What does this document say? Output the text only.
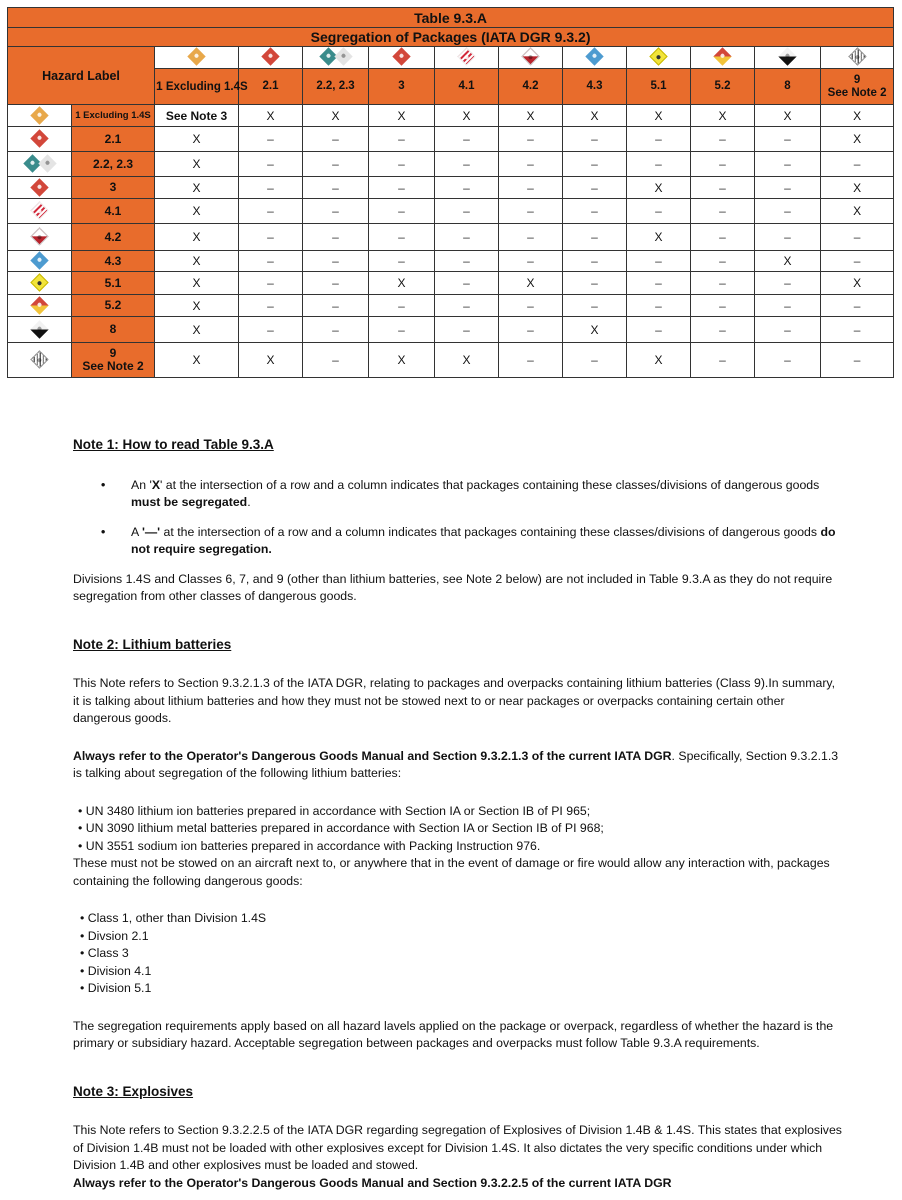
Table 9.3.A												
Segregation of Packages (IATA DGR 9.3.2)												
Hazard Label		

		1 Excluding 1.4S	2.1	2.2, 2.3	3	4.1	4.2	4.3	5.1	5.2	8	9
See Note 2

	1 Excluding 1.4S	See Note 3	X	X	X	X	X	X	X	X	X	X

	2.1	X	–	–	–	–	–	–	–	–	–	X

	2.2, 2.3	X	–	–	–	–	–	–	–	–	–	–

	3	X	–	–	–	–	–	–	X	–	–	X

	4.1	X	–	–	–	–	–	–	–	–	–	X

	4.2	X	–	–	–	–	–	–	X	–	–	–

	4.3	X	–	–	–	–	–	–	–	–	X	–

	5.1	X	–	–	X	–	X	–	–	–	–	X

	5.2	X	–	–	–	–	–	–	–	–	–	–

	8	X	–	–	–	–	–	X	–	–	–	–

	9
See Note 2	X	X	–	X	X	–	–	X	–	–	–
Note 1: How to read Table 9.3.A

• An 'X' at the intersection of a row and a column indicates that packages containing these classes/divisions of dangerous goods must be segregated.

• A '—' at the intersection of a row and a column indicates that packages containing these classes/divisions of dangerous goods do not require segregation.

Divisions 1.4S and Classes 6, 7, and 9 (other than lithium batteries, see Note 2 below) are not included in Table 9.3.A as they do not require segregation from other classes of dangerous goods.

Note 2: Lithium batteries

This Note refers to Section 9.3.2.1.3 of the IATA DGR, relating to packages and overpacks containing lithium batteries (Class 9).In summary, it is talking about lithium batteries and how they must not be stowed next to or near packages or overpacks containing certain other dangerous goods.

Always refer to the Operator's Dangerous Goods Manual and Section 9.3.2.1.3 of the current IATA DGR. Specifically, Section 9.3.2.1.3 is talking about segregation of the following lithium batteries:

• UN 3480 lithium ion batteries prepared in accordance with Section IA or Section IB of PI 965;
• UN 3090 lithium metal batteries prepared in accordance with Section IA or Section IB of PI 968;
• UN 3551 sodium ion batteries prepared in accordance with Packing Instruction 976.

These must not be stowed on an aircraft next to, or anywhere that in the event of damage or fire would allow any interaction with, packages containing the following dangerous goods:

• Class 1, other than Division 1.4S
• Divsion 2.1
• Class 3
• Division 4.1
• Division 5.1

The segregation requirements apply based on all hazard lavels applied on the package or overpack, regardless of whether the hazard is the primary or subsidiary hazard. Acceptable segregation between packages and overpacks must follow Table 9.3.A requirements.

Note 3: Explosives

This Note refers to Section 9.3.2.2.5 of the IATA DGR regarding segregation of Explosives of Division 1.4B & 1.4S. This states that explosives of Division 1.4B must not be loaded with other explosives except for Division 1.4S. It also dictates the very specific conditions under which Division 1.4B and other explosives must be loaded and stowed.

Always refer to the Operator's Dangerous Goods Manual and Section 9.3.2.2.5 of the current IATA DGR
